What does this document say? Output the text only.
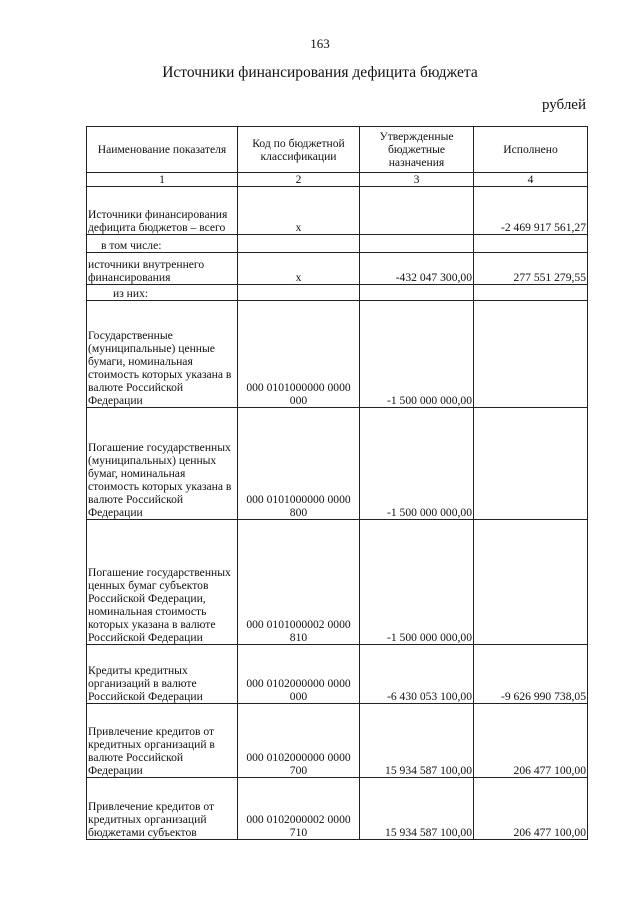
163
Источники финансирования дефицита бюджета
рублей
Наименование показателя	Код по бюджетной классификации	Утвержденные бюджетные назначения	Исполнено
1	2	3	4
Источники финансирования дефицита бюджетов – всего	x		-2 469 917 561,27
в том числе:			
источники внутреннего финансирования	x	-432 047 300,00	277 551 279,55
из них:			
Государственные (муниципальные) ценные бумаги, номинальная стоимость которых указана в валюте Российской Федерации	000 0101000000 0000 000	-1 500 000 000,00	
Погашение государственных (муниципальных) ценных бумаг, номинальная стоимость которых указана в валюте Российской Федерации	000 0101000000 0000 800	-1 500 000 000,00	
Погашение государственных ценных бумаг субъектов Российской Федерации, номинальная стоимость которых указана в валюте Российской Федерации	000 0101000002 0000 810	-1 500 000 000,00	
Кредиты кредитных организаций в валюте Российской Федерации	000 0102000000 0000 000	-6 430 053 100,00	-9 626 990 738,05
Привлечение кредитов от кредитных организаций в валюте Российской Федерации	000 0102000000 0000 700	15 934 587 100,00	206 477 100,00
Привлечение кредитов от кредитных организаций бюджетами субъектов	000 0102000002 0000 710	15 934 587 100,00	206 477 100,00
